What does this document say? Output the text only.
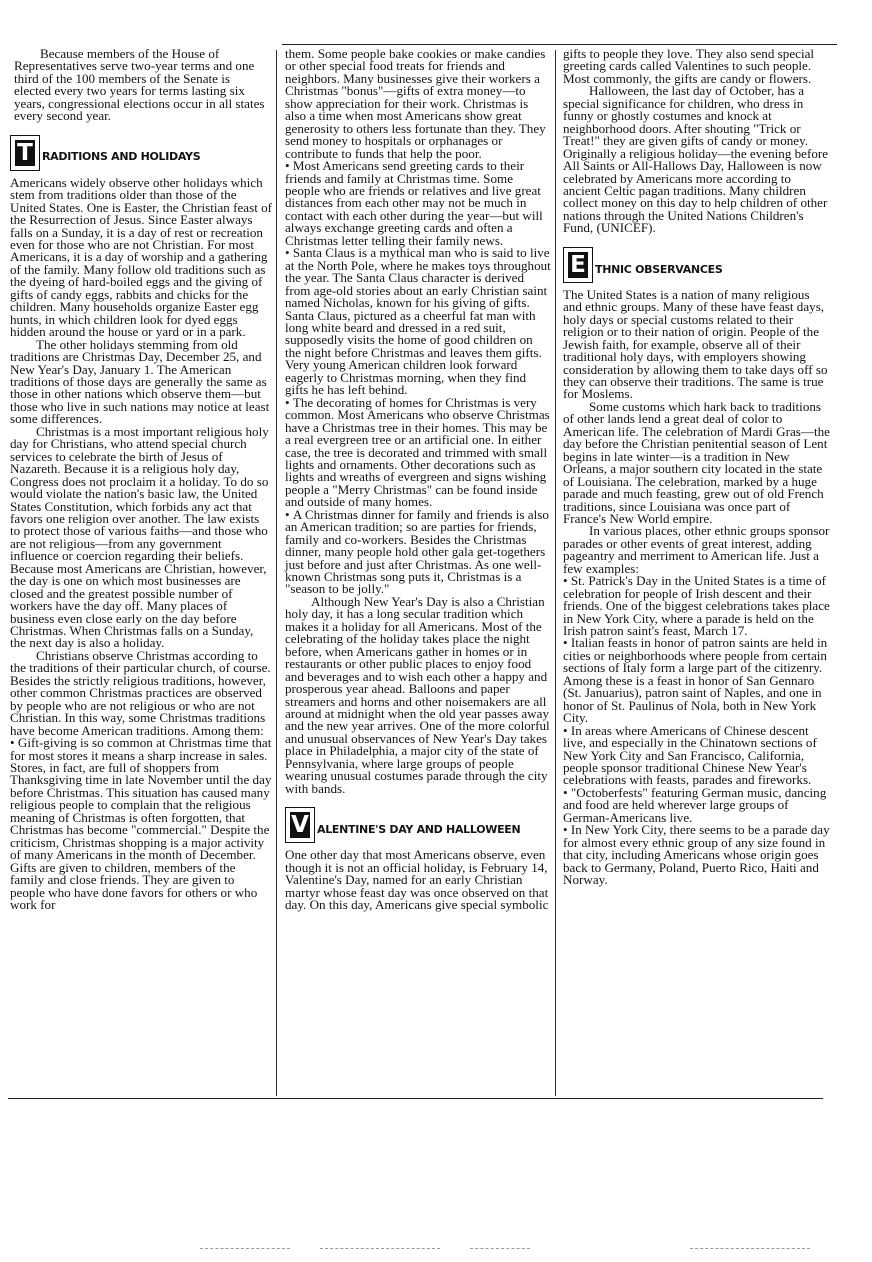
Because members of the House of Representatives serve two-year terms and one third of the 100 members of the Senate is elected every two years for terms lasting six years, congressional elections occur in all states every second year.

T RADITIONS AND HOLIDAYS

Americans widely observe other holidays which stem from traditions older than those of the United States. One is Easter, the Christian feast of the Resurrection of Jesus. Since Easter always falls on a Sunday, it is a day of rest or recreation even for those who are not Christian. For most Americans, it is a day of worship and a gathering of the family. Many follow old traditions such as the dyeing of hard-boiled eggs and the giving of gifts of candy eggs, rabbits and chicks for the children. Many households organize Easter egg hunts, in which children look for dyed eggs hidden around the house or yard or in a park.

The other holidays stemming from old traditions are Christmas Day, December 25, and New Year's Day, January 1. The American traditions of those days are generally the same as those in other nations which observe them—but those who live in such nations may notice at least some differences.

Christmas is a most important religious holy day for Christians, who attend special church services to celebrate the birth of Jesus of Nazareth. Because it is a religious holy day, Congress does not proclaim it a holiday. To do so would violate the nation's basic law, the United States Constitution, which forbids any act that favors one religion over another. The law exists to protect those of various faiths—and those who are not religious—from any government influence or coercion regarding their beliefs. Because most Americans are Christian, however, the day is one on which most businesses are closed and the greatest possible number of workers have the day off. Many places of business even close early on the day before Christmas. When Christmas falls on a Sunday, the next day is also a holiday.

Christians observe Christmas according to the traditions of their particular church, of course. Besides the strictly religious traditions, however, other common Christmas practices are observed by people who are not religious or who are not Christian. In this way, some Christmas traditions have become American traditions. Among them:

• Gift-giving is so common at Christmas time that for most stores it means a sharp increase in sales. Stores, in fact, are full of shoppers from Thanksgiving time in late November until the day before Christmas. This situation has caused many religious people to complain that the religious meaning of Christmas is often forgotten, that Christmas has become "commercial." Despite the criticism, Christmas shopping is a major activity of many Americans in the month of December. Gifts are given to children, members of the family and close friends. They are given to people who have done favors for others or who work for

them. Some people bake cookies or make candies or other special food treats for friends and neighbors. Many businesses give their workers a Christmas "bonus"—gifts of extra money—to show appreciation for their work. Christmas is also a time when most Americans show great generosity to others less fortunate than they. They send money to hospitals or orphanages or contribute to funds that help the poor.

• Most Americans send greeting cards to their friends and family at Christmas time. Some people who are friends or relatives and live great distances from each other may not be much in contact with each other during the year—but will always exchange greeting cards and often a Christmas letter telling their family news.

• Santa Claus is a mythical man who is said to live at the North Pole, where he makes toys throughout the year. The Santa Claus character is derived from age-old stories about an early Christian saint named Nicholas, known for his giving of gifts. Santa Claus, pictured as a cheerful fat man with long white beard and dressed in a red suit, supposedly visits the home of good children on the night before Christmas and leaves them gifts. Very young American children look forward eagerly to Christmas morning, when they find gifts he has left behind.

• The decorating of homes for Christmas is very common. Most Americans who observe Christmas have a Christmas tree in their homes. This may be a real evergreen tree or an artificial one. In either case, the tree is decorated and trimmed with small lights and ornaments. Other decorations such as lights and wreaths of evergreen and signs wishing people a "Merry Christmas" can be found inside and outside of many homes.

• A Christmas dinner for family and friends is also an American tradition; so are parties for friends, family and co-workers. Besides the Christmas dinner, many people hold other gala get-togethers just before and just after Christmas. As one well-known Christmas song puts it, Christmas is a "season to be jolly."

Although New Year's Day is also a Christian holy day, it has a long secular tradition which makes it a holiday for all Americans. Most of the celebrating of the holiday takes place the night before, when Americans gather in homes or in restaurants or other public places to enjoy food and beverages and to wish each other a happy and prosperous year ahead. Balloons and paper streamers and horns and other noisemakers are all around at midnight when the old year passes away and the new year arrives. One of the more colorful and unusual observances of New Year's Day takes place in Philadelphia, a major city of the state of Pennsylvania, where large groups of people wearing unusual costumes parade through the city with bands.

V ALENTINE'S DAY AND HALLOWEEN

One other day that most Americans observe, even though it is not an official holiday, is February 14, Valentine's Day, named for an early Christian martyr whose feast day was once observed on that day. On this day, Americans give special symbolic

gifts to people they love. They also send special greeting cards called Valentines to such people. Most commonly, the gifts are candy or flowers.

Halloween, the last day of October, has a special significance for children, who dress in funny or ghostly costumes and knock at neighborhood doors. After shouting "Trick or Treat!" they are given gifts of candy or money. Originally a religious holiday—the evening before All Saints or All-Hallows Day, Halloween is now celebrated by Americans more according to ancient Celtic pagan traditions. Many children collect money on this day to help children of other nations through the United Nations Children's Fund, (UNICEF).

E THNIC OBSERVANCES

The United States is a nation of many religious and ethnic groups. Many of these have feast days, holy days or special customs related to their religion or to their nation of origin. People of the Jewish faith, for example, observe all of their traditional holy days, with employers showing consideration by allowing them to take days off so they can observe their traditions. The same is true for Moslems.

Some customs which hark back to traditions of other lands lend a great deal of color to American life. The celebration of Mardi Gras—the day before the Christian penitential season of Lent begins in late winter—is a tradition in New Orleans, a major southern city located in the state of Louisiana. The celebration, marked by a huge parade and much feasting, grew out of old French traditions, since Louisiana was once part of France's New World empire.

In various places, other ethnic groups sponsor parades or other events of great interest, adding pageantry and merriment to American life. Just a few examples:

• St. Patrick's Day in the United States is a time of celebration for people of Irish descent and their friends. One of the biggest celebrations takes place in New York City, where a parade is held on the Irish patron saint's feast, March 17.

• Italian feasts in honor of patron saints are held in cities or neighborhoods where people from certain sections of Italy form a large part of the citizenry. Among these is a feast in honor of San Gennaro (St. Januarius), patron saint of Naples, and one in honor of St. Paulinus of Nola, both in New York City.

• In areas where Americans of Chinese descent live, and especially in the Chinatown sections of New York City and San Francisco, California, people sponsor traditional Chinese New Year's celebrations with feasts, parades and fireworks.

• "Octoberfests" featuring German music, dancing and food are held wherever large groups of German-Americans live.

• In New York City, there seems to be a parade day for almost every ethnic group of any size found in that city, including Americans whose origin goes back to Germany, Poland, Puerto Rico, Haiti and Norway.
